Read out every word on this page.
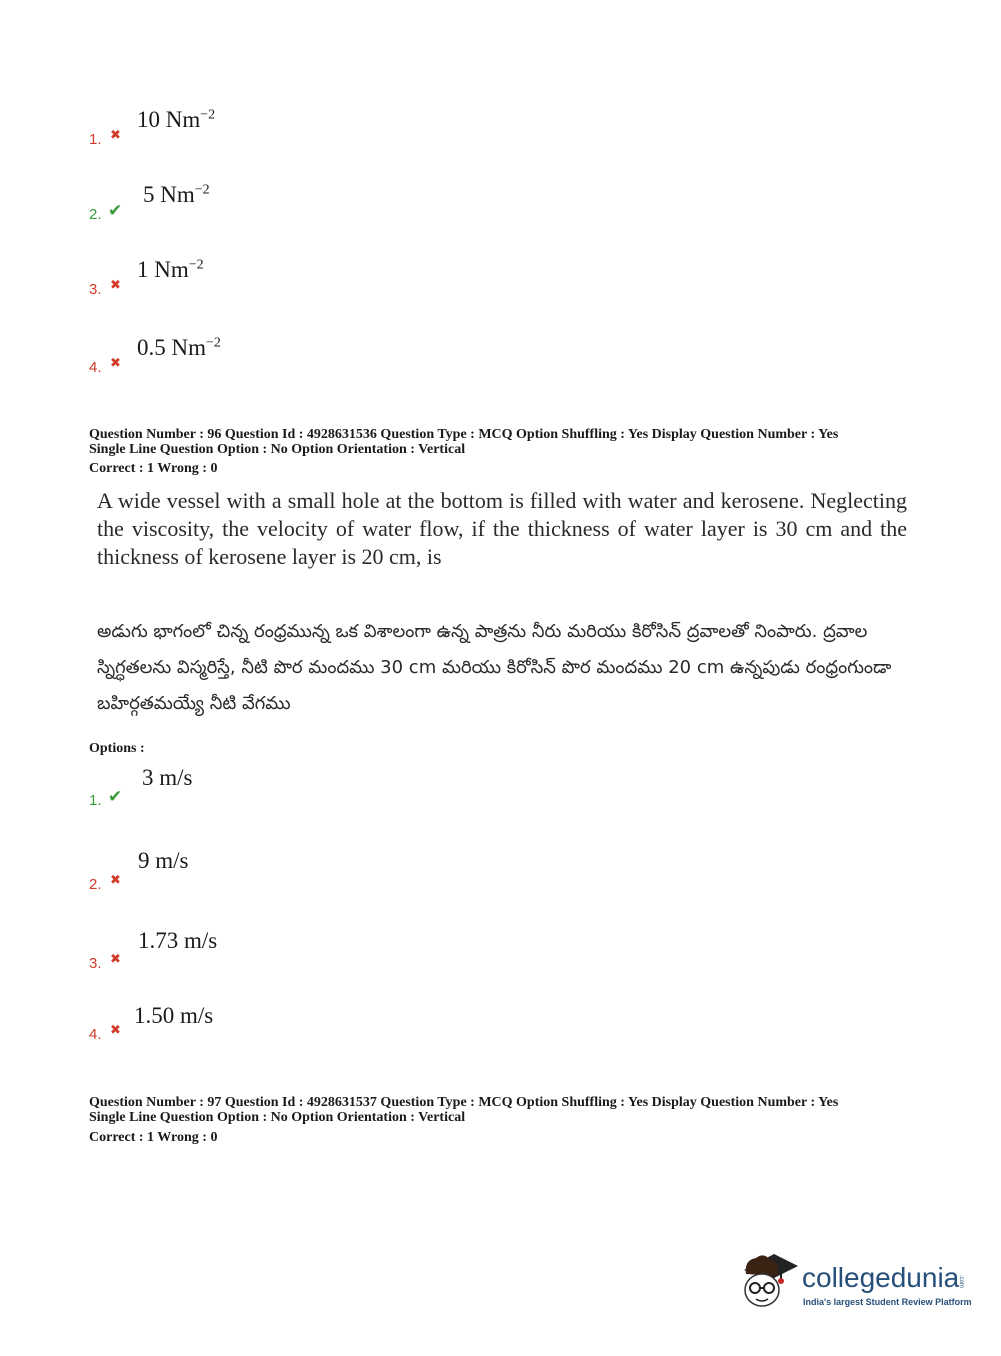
1. ✖
10 $Nm^{-2}$
2. ✔
5 $Nm^{-2}$
3. ✖
1 $Nm^{-2}$
4. ✖
0.5 $Nm^{-2}$
Question Number : 96 Question Id : 4928631536 Question Type : MCQ Option Shuffling : Yes Display Question Number : Yes
Single Line Question Option : No Option Orientation : Vertical
Correct : 1 Wrong : 0
A wide vessel with a small hole at the bottom is filled with water and kerosene. Neglecting the viscosity, the velocity of water flow, if the thickness of water layer is 30 cm and the thickness of kerosene layer is 20 cm, is
అడుగు భాగంలో చిన్న రంధ్రమున్న ఒక విశాలంగా ఉన్న పాత్రను నీరు మరియు కిరోసిన్ ద్రవాలతో నింపారు. ద్రవాల స్నిగ్ధతలను విస్మరిస్తే, నీటి పొర మందము 30 cm మరియు కిరోసిన్ పొర మందము 20 cm ఉన్నపుడు రంధ్రంగుండా బహిర్గతమయ్యే నీటి వేగము
Options :
1. ✔
3 m/s
2. ✖
9 m/s
3. ✖
1.73 m/s
4. ✖
1.50 m/s
Question Number : 97 Question Id : 4928631537 Question Type : MCQ Option Shuffling : Yes Display Question Number : Yes
Single Line Question Option : No Option Orientation : Vertical
Correct : 1 Wrong : 0
collegedunia
.com
India's largest Student Review Platform
